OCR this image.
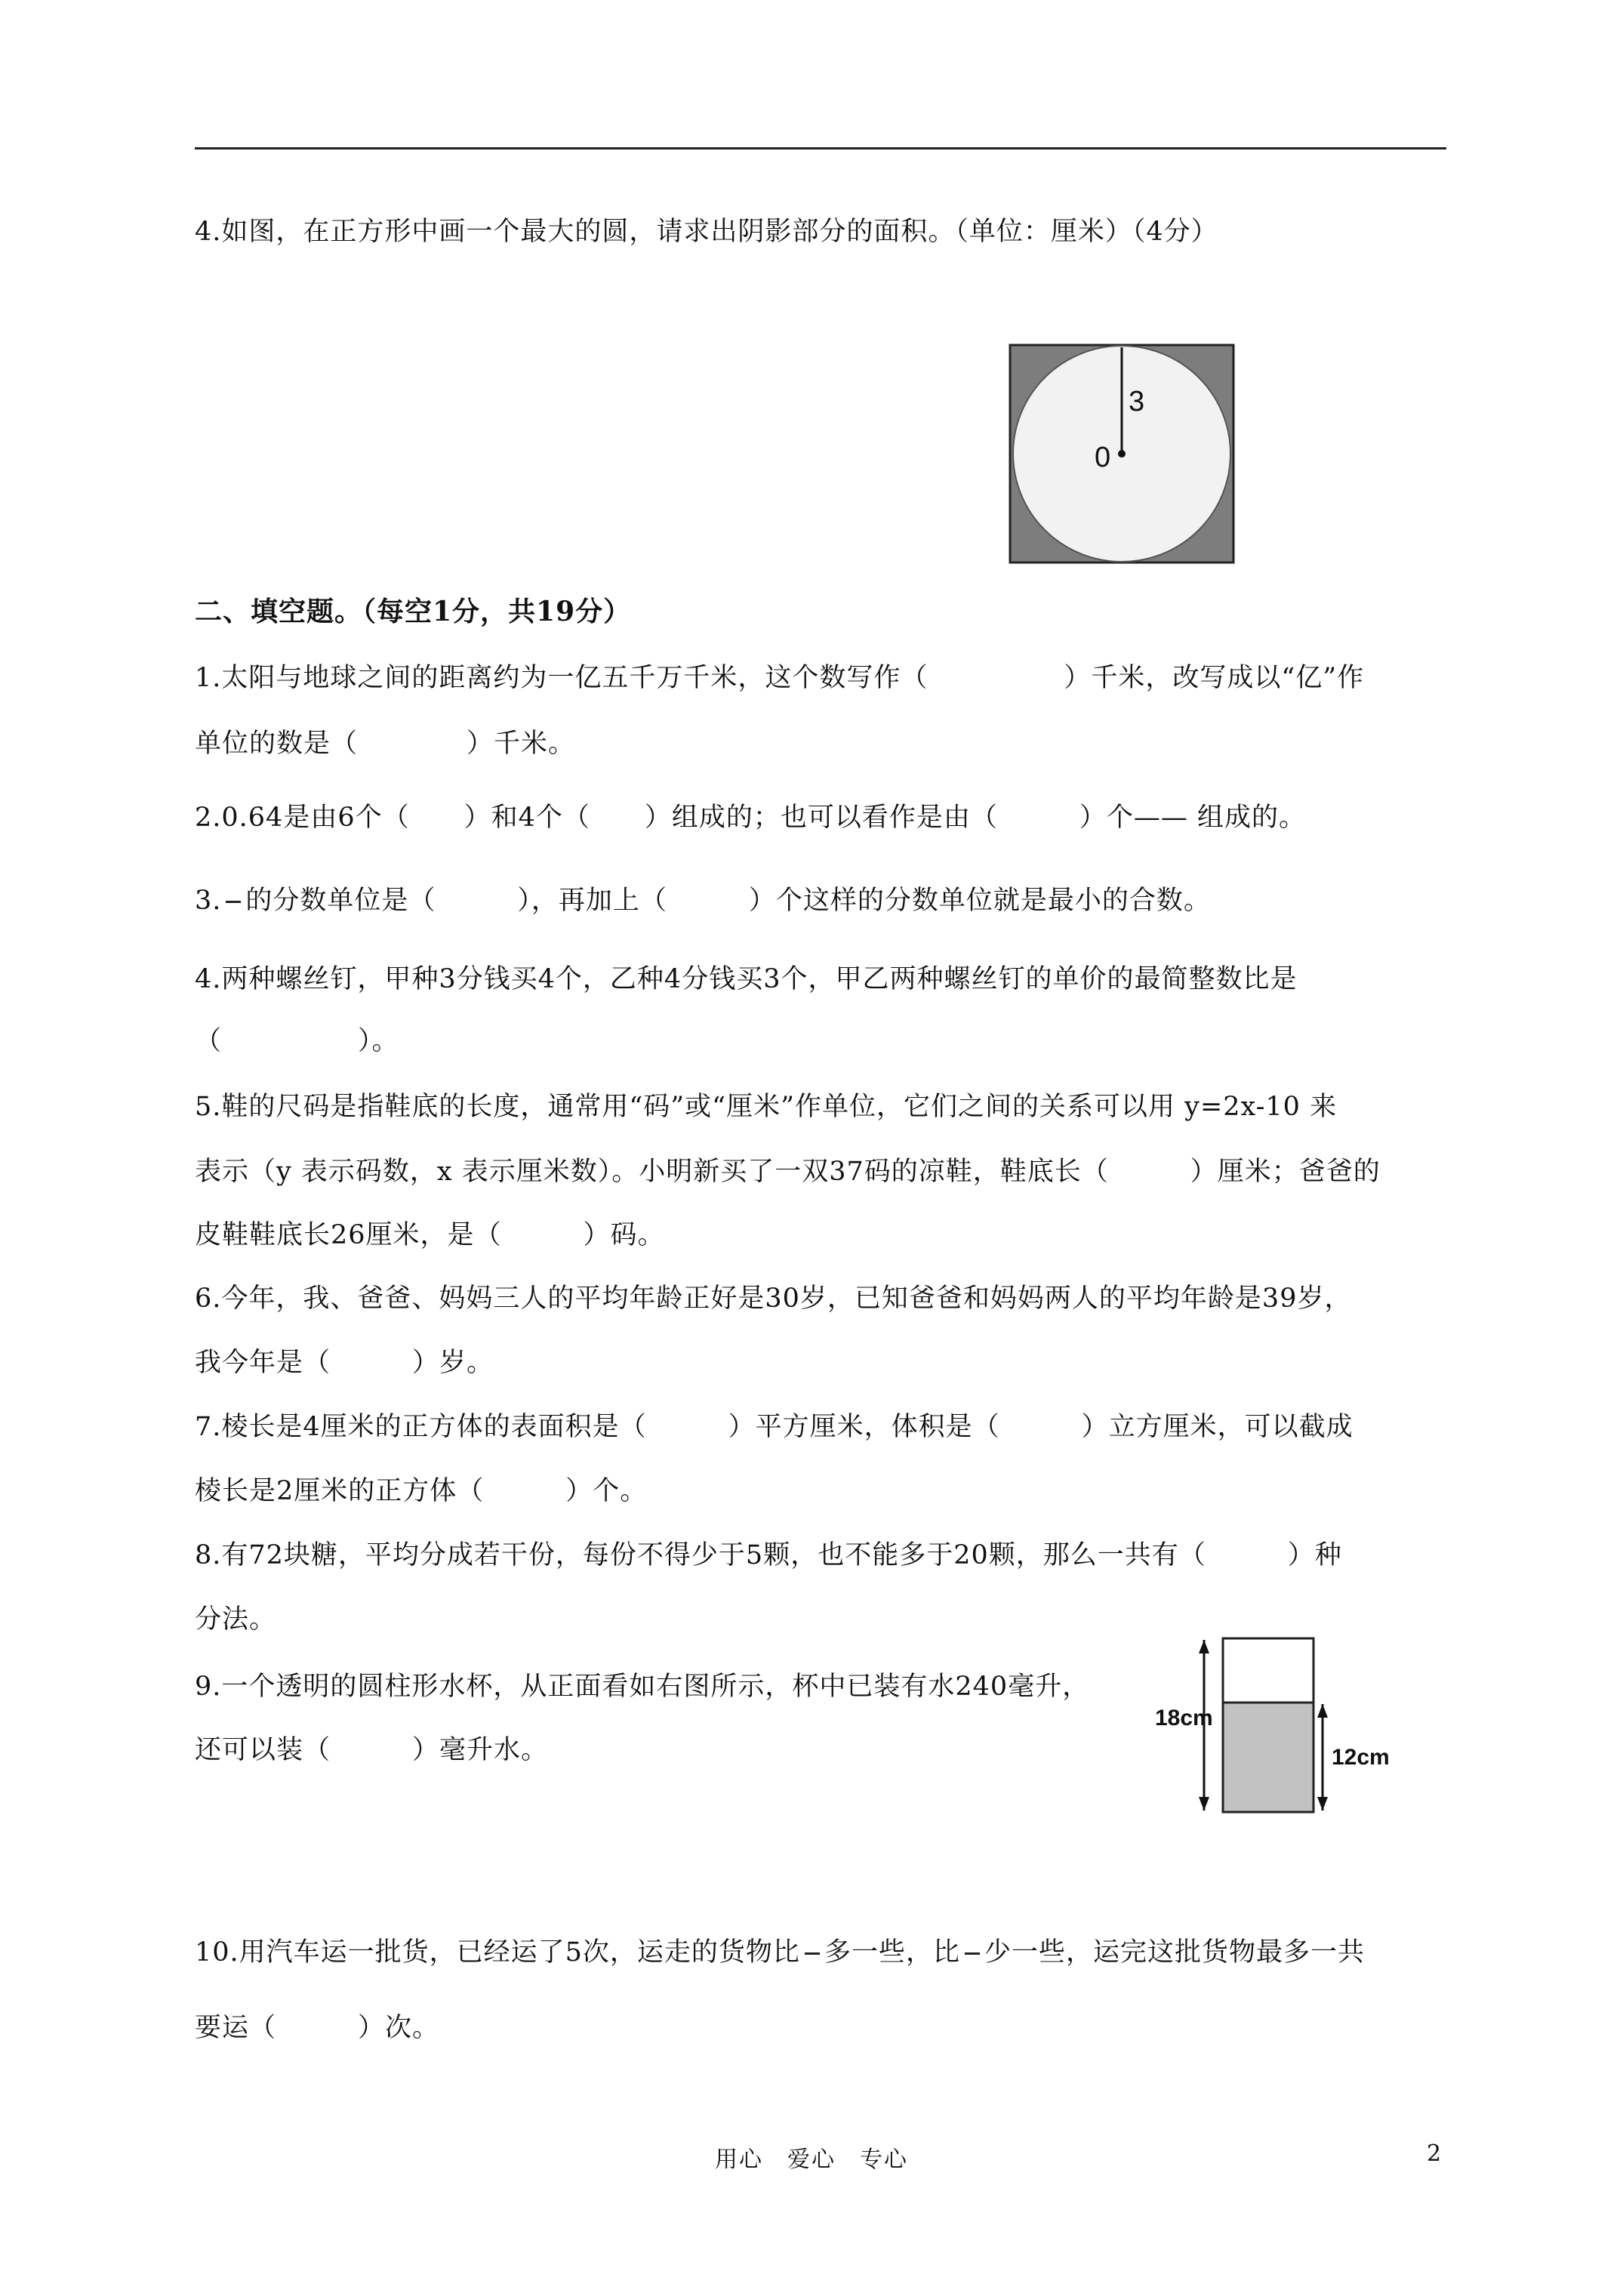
4.如图，在正方形中画一个最大的圆，请求出阴影部分的面积。（单位：厘米）（4分）
3
0
二、填空题。（每空1分，共19分）
1.太阳与地球之间的距离约为一亿五千万千米，这个数写作（　　　　　）千米，改写成以“亿”作
单位的数是（　　　　）千米。
2.0.64是由6个（　　）和4个（　　）组成的；也可以看作是由（　　　）个—— 组成的。
3. 的分数单位是（　　　），再加上（　　　）个这样的分数单位就是最小的合数。
4.两种螺丝钉，甲种3分钱买4个，乙种4分钱买3个，甲乙两种螺丝钉的单价的最简整数比是
（　　　　　）。
5.鞋的尺码是指鞋底的长度，通常用“码”或“厘米”作单位，它们之间的关系可以用 y=2x-10 来
表示（y 表示码数，x 表示厘米数）。小明新买了一双37码的凉鞋，鞋底长（　　　）厘米；爸爸的
皮鞋鞋底长26厘米，是（　　　）码。
6.今年，我、爸爸、妈妈三人的平均年龄正好是30岁，已知爸爸和妈妈两人的平均年龄是39岁，
我今年是（　　　）岁。
7.棱长是4厘米的正方体的表面积是（　　　）平方厘米，体积是（　　　）立方厘米，可以截成
棱长是2厘米的正方体（　　　）个。
8.有72块糖，平均分成若干份，每份不得少于5颗，也不能多于20颗，那么一共有（　　　）种
分法。
9.一个透明的圆柱形水杯，从正面看如右图所示，杯中已装有水240毫升，
还可以装（　　　）毫升水。
18cm
12cm
10.用汽车运一批货，已经运了5次，运走的货物比 多一些，比 少一些，运完这批货物最多一共
要运（　　　）次。
用心　爱心　专心	2
